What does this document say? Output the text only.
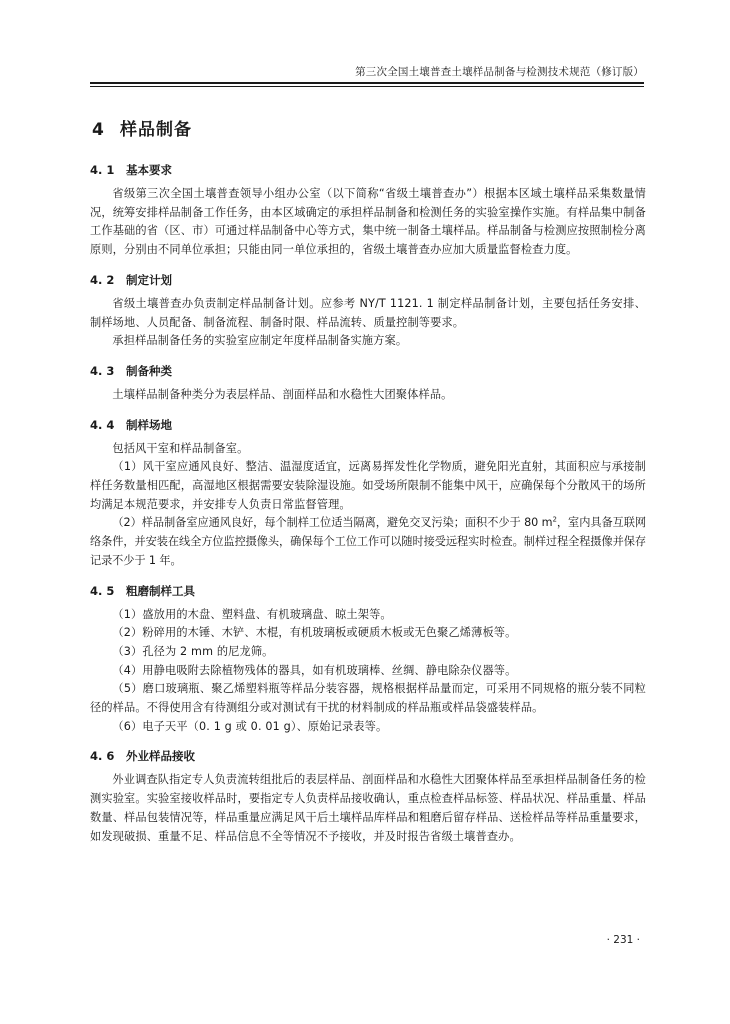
第三次全国土壤普查土壤样品制备与检测技术规范（修订版）
4 样品制备
4. 1 基本要求

省级第三次全国土壤普查领导小组办公室（以下简称“省级土壤普查办”）根据本区域土壤样品采集数量情况，统筹安排样品制备工作任务，由本区域确定的承担样品制备和检测任务的实验室操作实施。有样品集中制备工作基础的省（区、市）可通过样品制备中心等方式，集中统一制备土壤样品。样品制备与检测应按照制检分离原则，分别由不同单位承担；只能由同一单位承担的，省级土壤普查办应加大质量监督检查力度。

4. 2 制定计划

省级土壤普查办负责制定样品制备计划。应参考 NY/T 1121. 1 制定样品制备计划，主要包括任务安排、制样场地、人员配备、制备流程、制备时限、样品流转、质量控制等要求。

承担样品制备任务的实验室应制定年度样品制备实施方案。

4. 3 制备种类

土壤样品制备种类分为表层样品、剖面样品和水稳性大团聚体样品。

4. 4 制样场地

包括风干室和样品制备室。

（1）风干室应通风良好、整洁、温湿度适宜，远离易挥发性化学物质，避免阳光直射，其面积应与承接制样任务数量相匹配，高湿地区根据需要安装除湿设施。如受场所限制不能集中风干，应确保每个分散风干的场所均满足本规范要求，并安排专人负责日常监督管理。

（2）样品制备室应通风良好，每个制样工位适当隔离，避免交叉污染；面积不少于 80 $m^2$，室内具备互联网络条件，并安装在线全方位监控摄像头，确保每个工位工作可以随时接受远程实时检查。制样过程全程摄像并保存记录不少于 1 年。

4. 5 粗磨制样工具

（1）盛放用的木盘、塑料盘、有机玻璃盘、晾土架等。

（2）粉碎用的木锤、木铲、木棍，有机玻璃板或硬质木板或无色聚乙烯薄板等。

（3）孔径为 2 mm 的尼龙筛。

（4）用静电吸附去除植物残体的器具，如有机玻璃棒、丝绸、静电除杂仪器等。

（5）磨口玻璃瓶、聚乙烯塑料瓶等样品分装容器，规格根据样品量而定，可采用不同规格的瓶分装不同粒径的样品。不得使用含有待测组分或对测试有干扰的材料制成的样品瓶或样品袋盛装样品。

（6）电子天平（0. 1 g 或 0. 01 g）、原始记录表等。

4. 6 外业样品接收

外业调查队指定专人负责流转组批后的表层样品、剖面样品和水稳性大团聚体样品至承担样品制备任务的检测实验室。实验室接收样品时，要指定专人负责样品接收确认，重点检查样品标签、样品状况、样品重量、样品数量、样品包装情况等，样品重量应满足风干后土壤样品库样品和粗磨后留存样品、送检样品等样品重量要求，如发现破损、重量不足、样品信息不全等情况不予接收，并及时报告省级土壤普查办。

· 231 ·
